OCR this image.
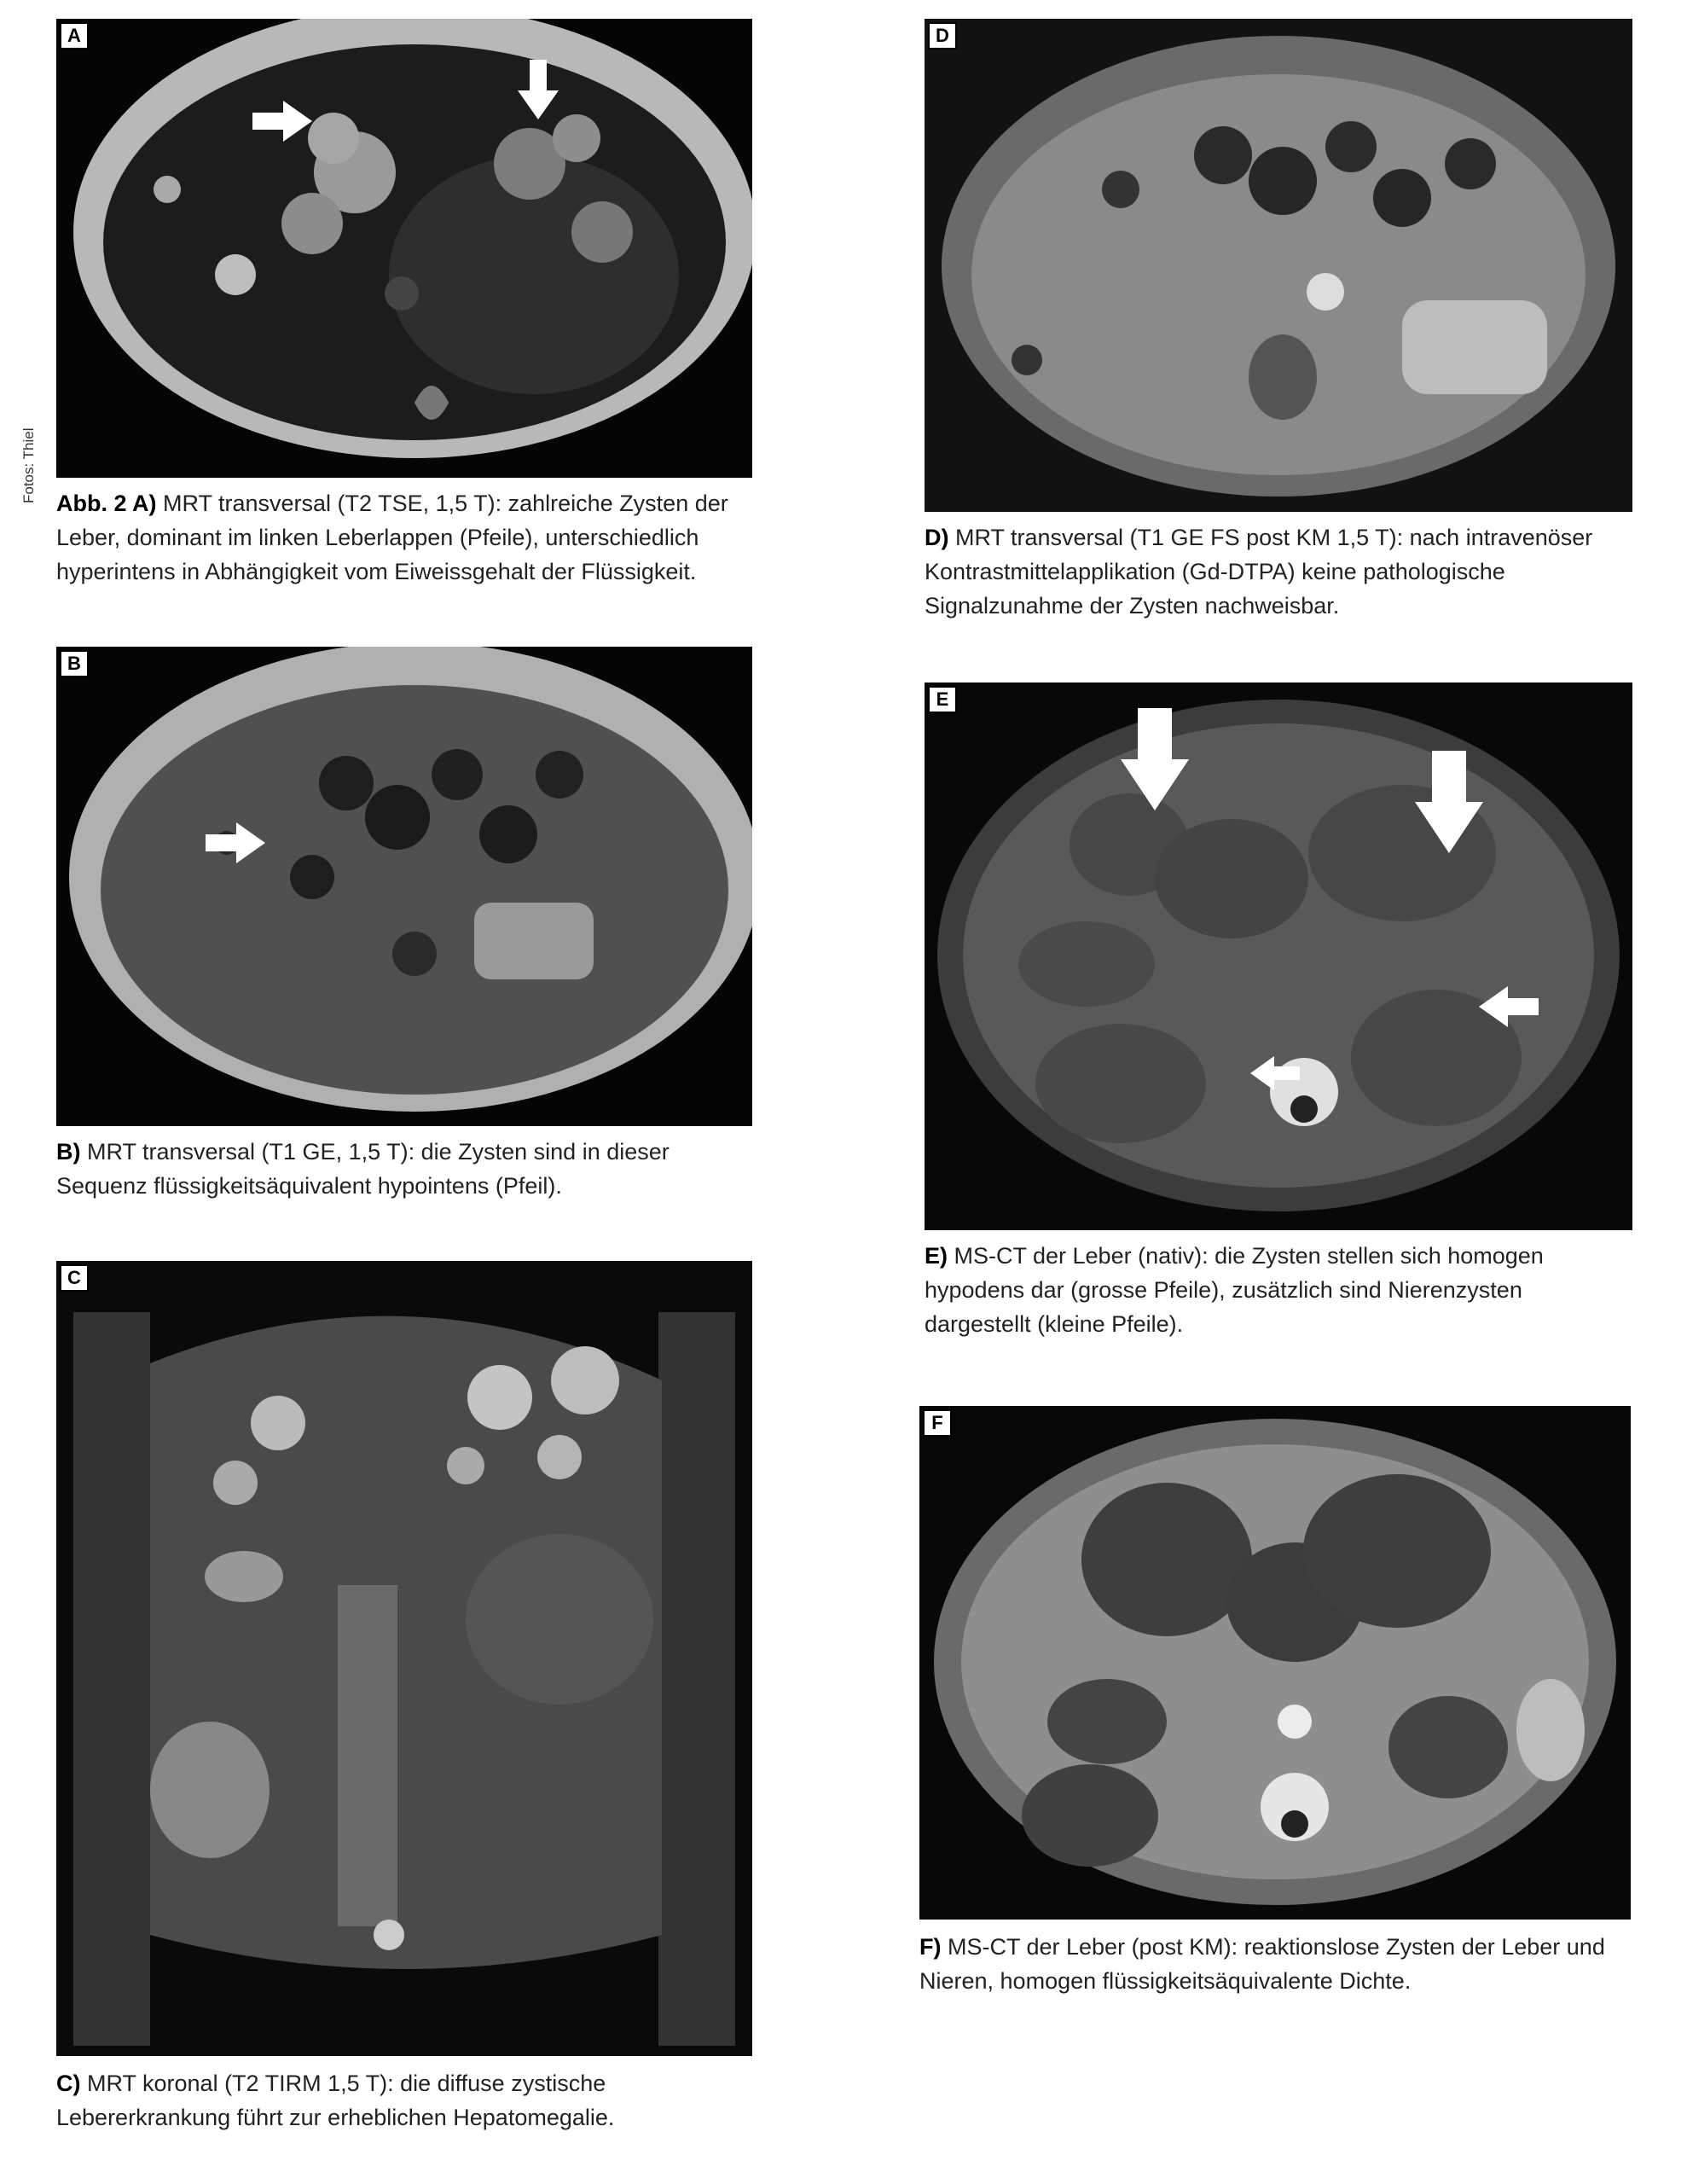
Fotos: Thiel
A
Abb. 2 A) MRT transversal (T2 TSE, 1,5 T): zahlreiche Zysten der Leber, dominant im linken Leberlappen (Pfeile), unterschiedlich hyperintens in Abhängigkeit vom Eiweissgehalt der Flüssigkeit.
B
B) MRT transversal (T1 GE, 1,5 T): die Zysten sind in dieser Sequenz flüssigkeitsäquivalent hypointens (Pfeil).
C
C) MRT koronal (T2 TIRM 1,5 T): die diffuse zystische Lebererkrankung führt zur erheblichen Hepatomegalie.
D
D) MRT transversal (T1 GE FS post KM 1,5 T): nach intravenöser Kontrastmittelapplikation (Gd-DTPA) keine pathologische Signalzunahme der Zysten nachweisbar.
E
E) MS-CT der Leber (nativ): die Zysten stellen sich homogen hypodens dar (grosse Pfeile), zusätzlich sind Nierenzysten dargestellt (kleine Pfeile).
F
F) MS-CT der Leber (post KM): reaktionslose Zysten der Leber und Nieren, homogen flüssigkeitsäquivalente Dichte.
